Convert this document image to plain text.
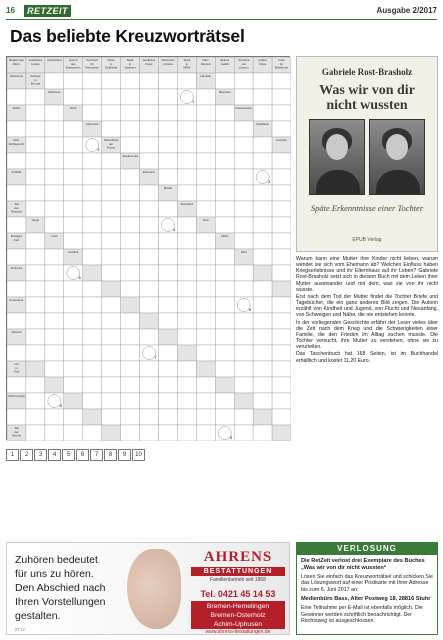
16	RETZEIT	Ausgabe 2/2017
Das beliebte Kreuzworträtsel
Regierungs
(Abk.)
seelisches
Leiden
Verdunstun	Ausruf
des
Erstaunens
Kurzwort
für
Fernsehen
Fluss
in
Ostfriesla
Stadt
in
Sachsen
westlicher
Fluss
Spitzname
Lincolns
Stadt
in
NRW
franz.
Weinort
kleines
Gefäß
Vorname
von
Lennon
großer
Fluss
Insel
im
Mittelmeer
Gitarrensp Gebirge
in
Europa
Haustier
Weltmeer
1
Baumteil
ziellos	Fisch	Frauenname
Körperteil	Spielkarte
Duft,
Wohlgeruch
2
Nebenfluss
der
Donau
Gemüse
Glaubenssa
Fußball	Ehemann
3
Monat
Teil
des
Gesichts
Zierpflanz
Vogel
4
Tanz
flüssiges
Fett
Insel	Farbe
Getränk	Zahl
Schmuck
5
Kosename
6
Strauch
7
Ort
in
Tirol
Wohnungsrä
8
Teil
der
Woche	9
1	2	3	4	5	6	7	8	9	10
Gabriele Rost-Brasholz
Was wir von dir nicht wussten
Späte Erkenntnisse einer Tochter
EPUB Verlag

Warum kann eine Mutter ihre Kinder nicht lieben, warum wendet sie sich vom Ehemann ab? Welchen Einfluss haben Kriegserlebnisse und ihr Elternhaus auf ihr Leben? Gabriele Rost-Brasholz setzt sich in diesem Buch mit dem Leben ihrer Mutter auseinander und mit dem, was sie von ihr nicht wusste.

Erst nach dem Tod der Mutter findet die Tochter Briefe und Tagebücher, die ein ganz anderes Bild zeigen. Die Autorin erzählt von Kindheit und Jugend, von Flucht und Neuanfang, von Schweigen und Nähe, die nie entstehen konnte.

In der vorliegenden Geschichte erfährt der Leser vieles über die Zeit nach dem Krieg und die Schwierigkeiten einer Familie, die den Frieden im Alltag suchen musste. Die Tochter versucht, ihre Mutter zu verstehen, ohne sie zu verurteilen.

Das Taschenbuch hat 168 Seiten, ist im Buchhandel erhältlich und kostet 11,20 Euro.

Zuhören bedeutet
für uns zu hören.
Den Abschied nach
Ihren Vorstellungen
gestalten.
AHRENS
BESTATTUNGEN
Familienbetrieb seit 1868
Tel. 0421 45 14 53
Bremen-Hemelingen
Bremen-Osterholz
Achim-Uphusen
www.ahrens-bestattungen.de
8712
VERLOSUNG

Die RetZeit verlost drei Exemplare des Buches „Was wir von dir nicht wussten“

Lösen Sie einfach das Kreuzworträtsel und schicken Sie das Lösungswort auf einer Postkarte mit Ihrer Adresse bis zum 6. Juni 2017 an:

Medienbüro Bass, Alter Postweg 18, 28816 Stuhr

Eine Teilnahme per E-Mail ist ebenfalls möglich. Die Gewinner werden schriftlich benachrichtigt. Der Rechtsweg ist ausgeschlossen.
